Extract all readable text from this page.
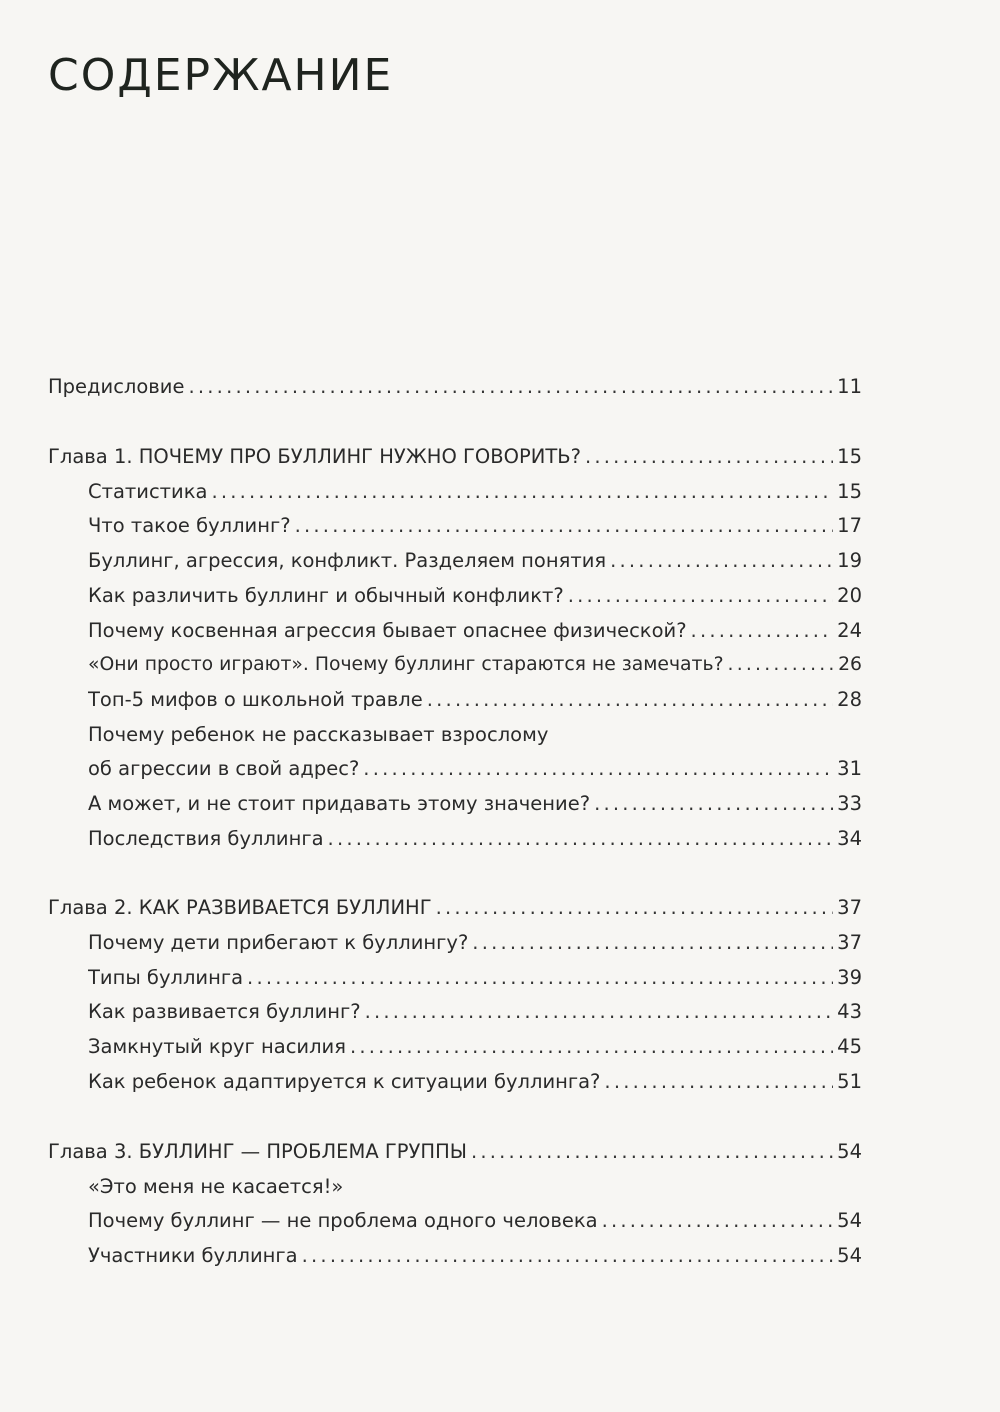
СОДЕРЖАНИЕ
Предисловие .....	11
Глава 1. ПОЧЕМУ ПРО БУЛЛИНГ НУЖНО ГОВОРИТЬ? .....	15
Статистика .....	15
Что такое буллинг? .....	17
Буллинг, агрессия, конфликт. Разделяем понятия .....	19
Как различить буллинг и обычный конфликт? .....	20
Почему косвенная агрессия бывает опаснее физической? .....	24
«Они просто играют». Почему буллинг стараются не замечать? .....	26
Топ-5 мифов о школьной травле .....	28
Почему ребенок не рассказывает взрослому
об агрессии в свой адрес? .....	31
А может, и не стоит придавать этому значение? .....	33
Последствия буллинга .....	34
Глава 2. КАК РАЗВИВАЕТСЯ БУЛЛИНГ .....	37
Почему дети прибегают к буллингу? .....	37
Типы буллинга .....	39
Как развивается буллинг? .....	43
Замкнутый круг насилия .....	45
Как ребенок адаптируется к ситуации буллинга? .....	51
Глава 3. БУЛЛИНГ — ПРОБЛЕМА ГРУППЫ .....	54
«Это меня не касается!»
Почему буллинг — не проблема одного человека .....	54
Участники буллинга .....	54
